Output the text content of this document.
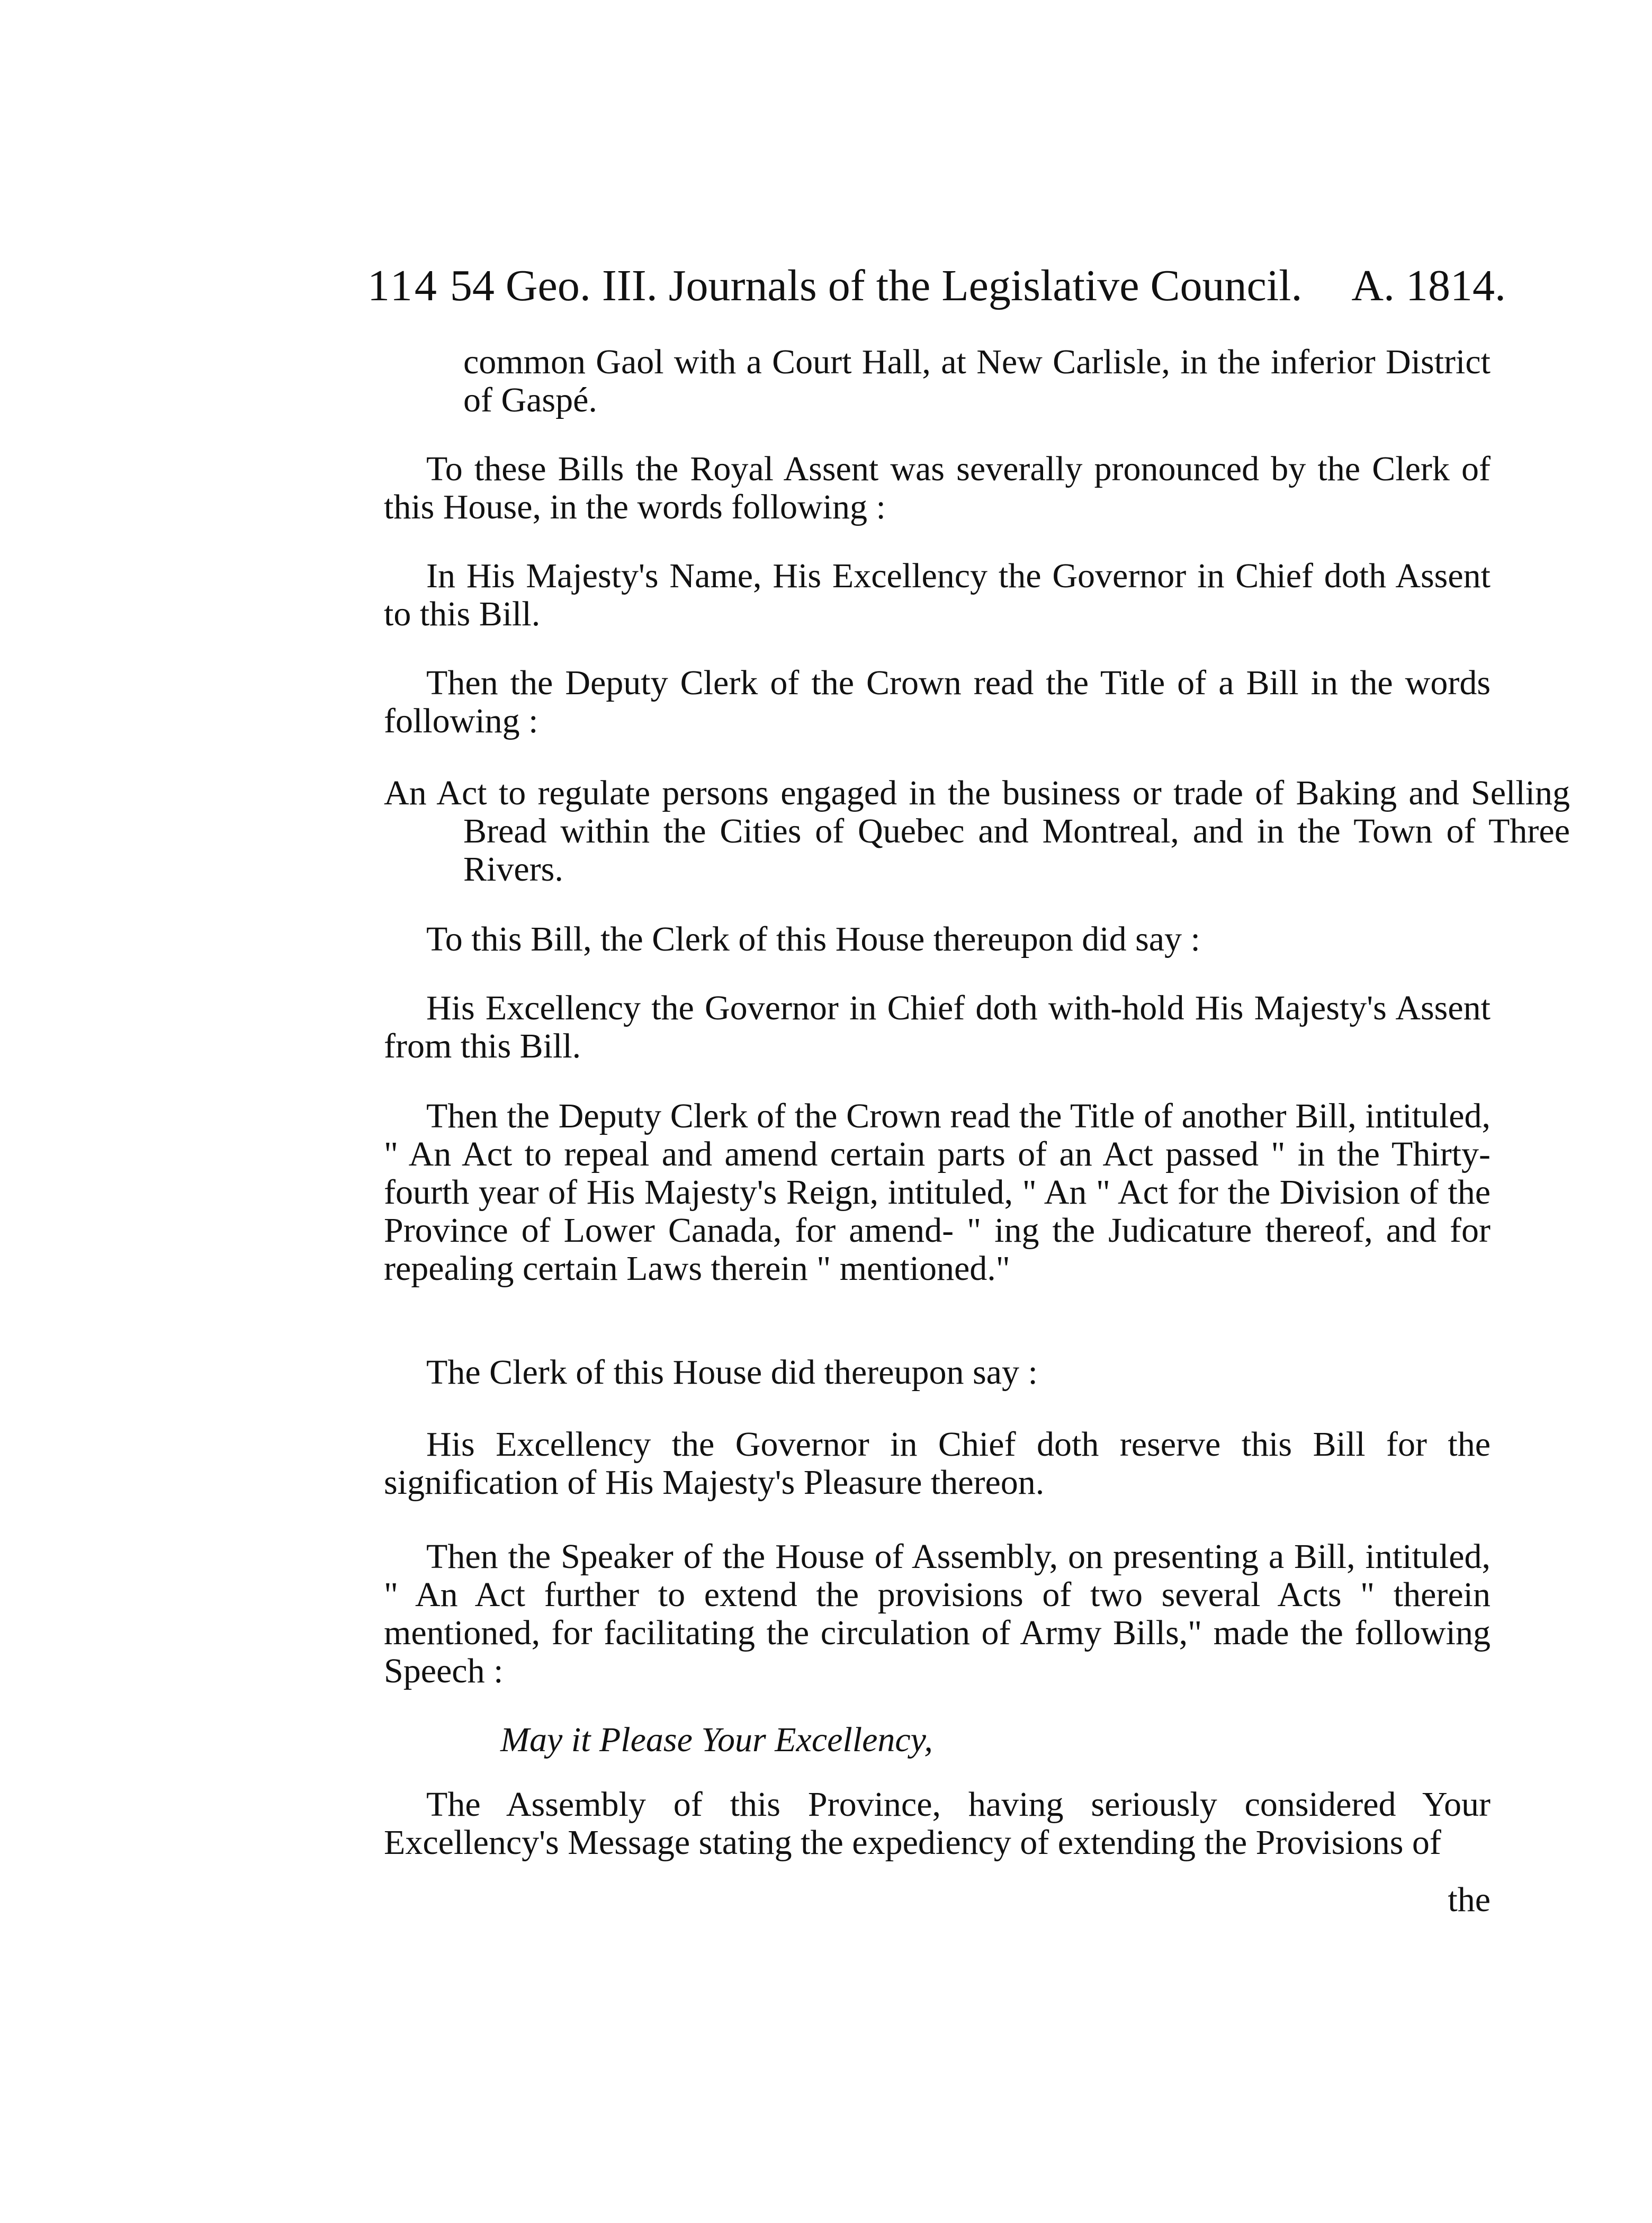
114 54 Geo. III. Journals of the Legislative Council. A. 1814.
common Gaol with a Court Hall, at New Carlisle, in the inferior District of Gaspé.
To these Bills the Royal Assent was severally pronounced by the Clerk of this House, in the words following :
In His Majesty's Name, His Excellency the Governor in Chief doth Assent to this Bill.
Then the Deputy Clerk of the Crown read the Title of a Bill in the words following :
An Act to regulate persons engaged in the business or trade of Baking and Selling Bread within the Cities of Quebec and Montreal, and in the Town of Three Rivers.
To this Bill, the Clerk of this House thereupon did say :
His Excellency the Governor in Chief doth with-hold His Majesty's Assent from this Bill.
Then the Deputy Clerk of the Crown read the Title of another Bill, intituled, " An Act to repeal and amend certain parts of an Act passed " in the Thirty-fourth year of His Majesty's Reign, intituled, " An " Act for the Division of the Province of Lower Canada, for amend- " ing the Judicature thereof, and for repealing certain Laws therein " mentioned."
The Clerk of this House did thereupon say :
His Excellency the Governor in Chief doth reserve this Bill for the signification of His Majesty's Pleasure thereon.
Then the Speaker of the House of Assembly, on presenting a Bill, intituled, " An Act further to extend the provisions of two several Acts " therein mentioned, for facilitating the circulation of Army Bills," made the following Speech :
May it Please Your Excellency,
The Assembly of this Province, having seriously considered Your Excellency's Message stating the expediency of extending the Provisions of
the
